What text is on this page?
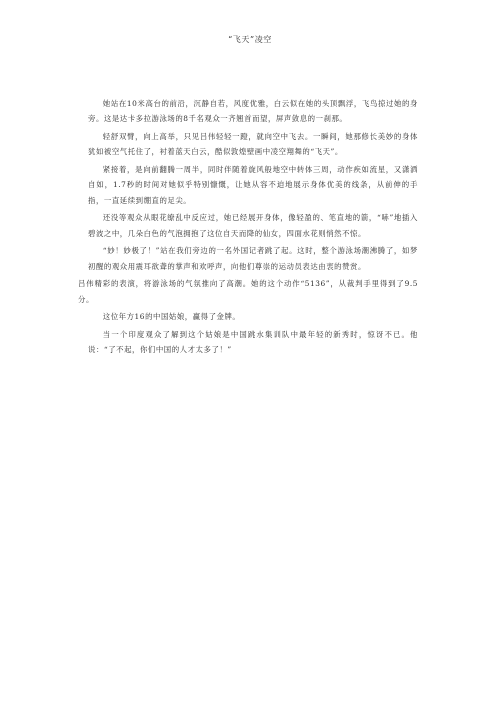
“飞天”凌空

她站在10米高台的前沿，沉静自若，风度优雅，白云似在她的头顶飘浮，飞鸟掠过她的身旁。这是达卡多拉游泳场的8千名观众一齐翘首而望，屏声敛息的一刹那。

轻舒双臂，向上高举，只见吕伟轻轻一蹬，就向空中飞去。一瞬间，她那修长美妙的身体犹如被空气托住了，衬着蓝天白云，酷似敦煌壁画中凌空翔舞的“飞天”。

紧接着，是向前翻腾一周半，同时伴随着旋风般地空中转体三周，动作疾如流星，又潇洒自如，1.7秒的时间对她似乎特别慷慨，让她从容不迫地展示身体优美的线条，从前伸的手指，一直延续到绷直的足尖。

还没等观众从眼花缭乱中反应过，她已经展开身体，像轻盈的、笔直地的箭，“哧”地插入碧波之中，几朵白色的气泡拥抱了这位自天而降的仙女，四面水花则悄然不惊。

“妙！妙极了！”站在我们旁边的一名外国记者跳了起。这时，整个游泳场潮沸腾了，如梦初醒的观众用震耳欲聋的掌声和欢呼声，向他们尊崇的运动员表达由衷的赞赏。

吕伟精彩的表演，将游泳场的气氛推向了高潮。她的这个动作“5136”，从裁判手里得到了9.5分。

这位年方16的中国姑娘，赢得了金牌。

当一个印度观众了解到这个姑娘是中国跳水集训队中最年轻的新秀时，惊讶不已。他说：“了不起，你们中国的人才太多了！”
